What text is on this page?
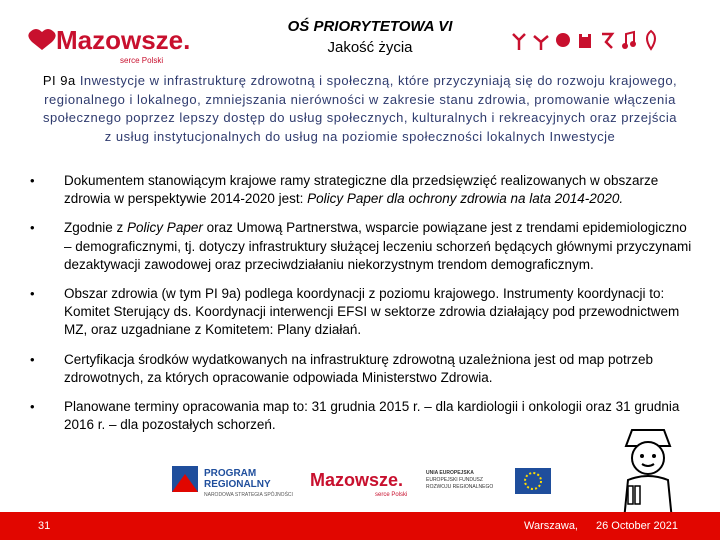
Mazowsze.
serce Polski
OŚ PRIORYTETOWA VI
Jakość życia
PI 9a Inwestycje w infrastrukturę zdrowotną i społeczną, które przyczyniają się do rozwoju krajowego, regionalnego i lokalnego, zmniejszania nierówności w zakresie stanu zdrowia, promowanie włączenia społecznego poprzez lepszy dostęp do usług społecznych, kulturalnych i rekreacyjnych oraz przejścia z usług instytucjonalnych do usług na poziomie społeczności lokalnych Inwestycje
• Dokumentem stanowiącym krajowe ramy strategiczne dla przedsięwzięć realizowanych w obszarze zdrowia w perspektywie 2014-2020 jest: Policy Paper dla ochrony zdrowia na lata 2014-2020.
• Zgodnie z Policy Paper oraz Umową Partnerstwa, wsparcie powiązane jest z trendami epidemiologiczno – demograficznymi, tj. dotyczy infrastruktury służącej leczeniu schorzeń będących głównymi przyczynami dezaktywacji zawodowej oraz przeciwdziałaniu niekorzystnym trendom demograficznym.
• Obszar zdrowia (w tym PI 9a) podlega koordynacji z poziomu krajowego. Instrumenty koordynacji to: Komitet Sterujący ds. Koordynacji interwencji EFSI w sektorze zdrowia działający pod przewodnictwem MZ, oraz uzgadniane z Komitetem: Plany działań.
• Certyfikacja środków wydatkowanych na infrastrukturę zdrowotną uzależniona jest od map potrzeb zdrowotnych, za których opracowanie odpowiada Ministerstwo Zdrowia.
• Planowane terminy opracowania map to: 31 grudnia 2015 r. – dla kardiologii i onkologii oraz 31 grudnia 2016 r. – dla pozostałych schorzeń.
PROGRAM
REGIONALNY
NARODOWA STRATEGIA SPÓJNOŚCI
Mazowsze.
serce Polski
UNIA EUROPEJSKA
EUROPEJSKI FUNDUSZ
ROZWOJU REGIONALNEGO
31	Warszawa, 26 October 2021
